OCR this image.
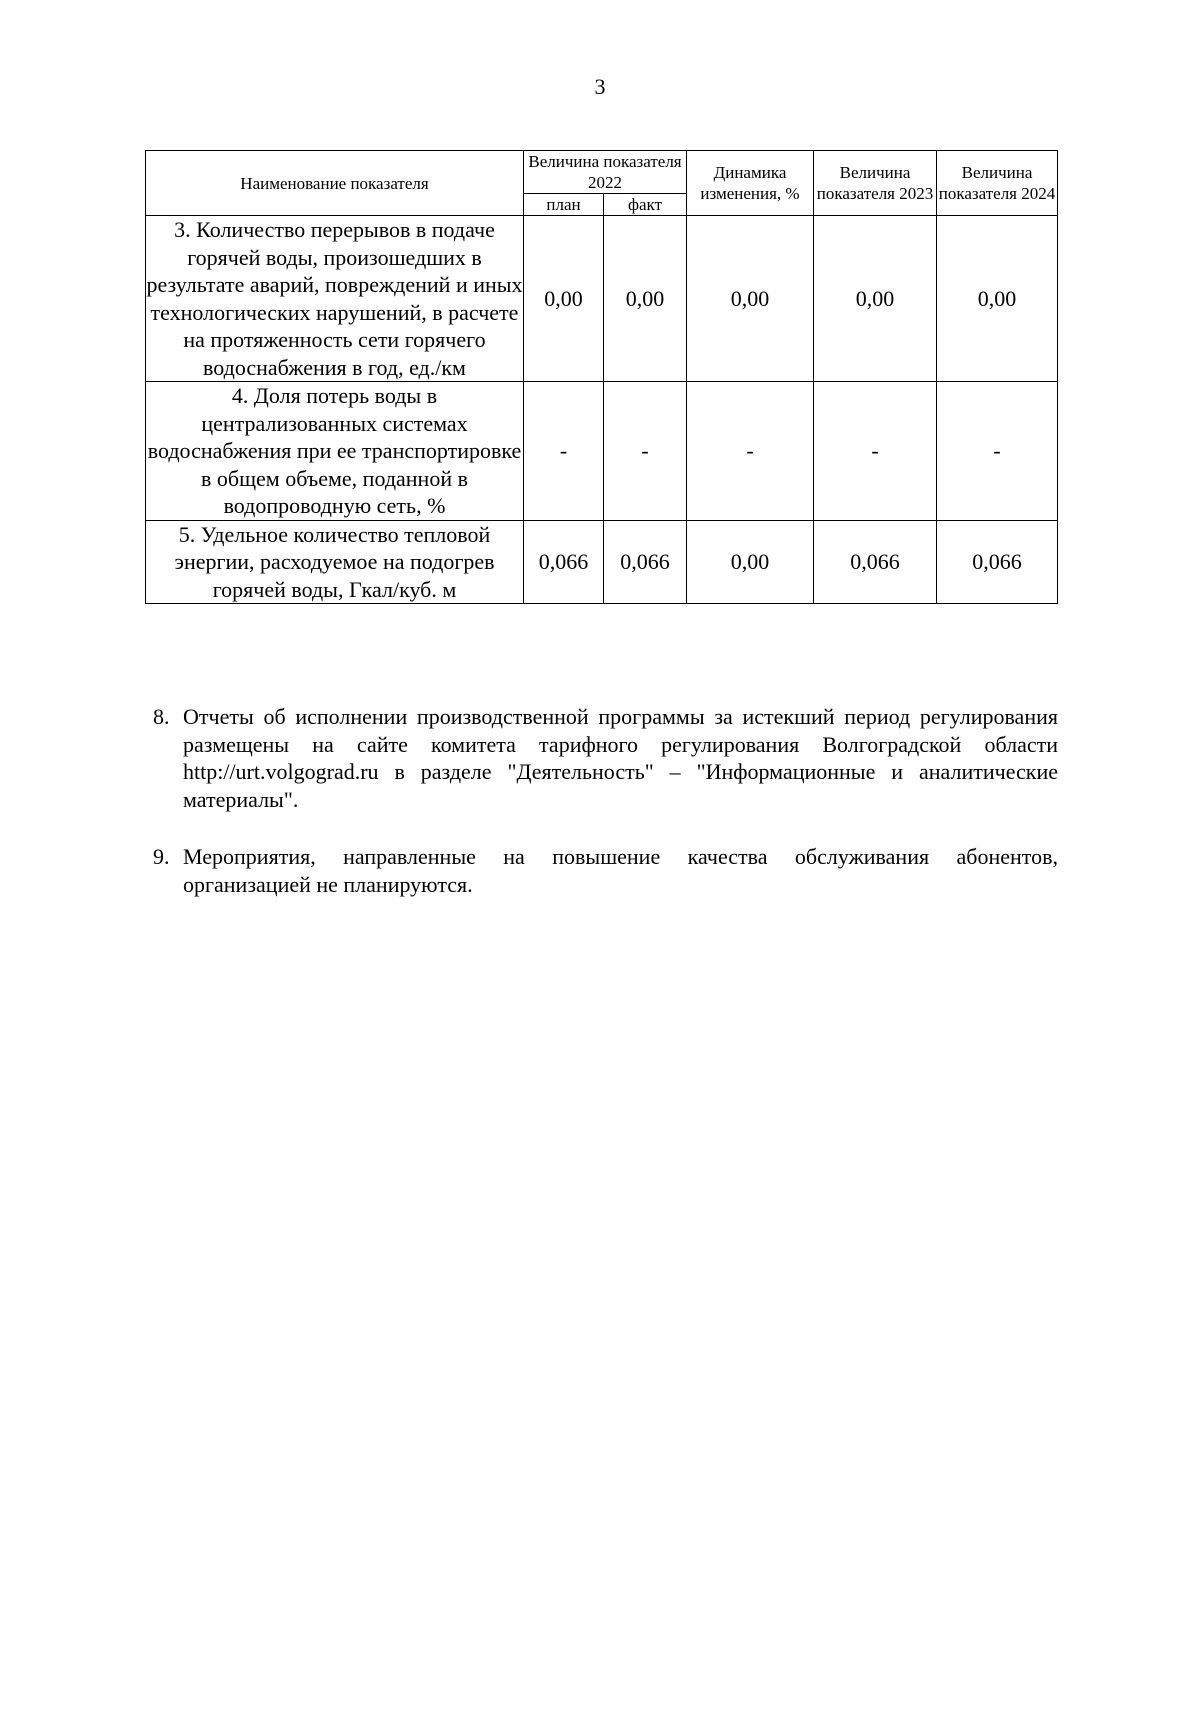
3
Наименование показателя	Величина показателя 2022		Динамика изменения, %	Величина показателя 2023	Величина показателя 2024
	план	факт			
3. Количество перерывов в подаче горячей воды, произошедших в результате аварий, повреждений и иных технологических нарушений, в расчете на протяженность сети горячего водоснабжения в год, ед./км	0,00	0,00	0,00	0,00	0,00
4. Доля потерь воды в централизованных системах водоснабжения при ее транспортировке в общем объеме, поданной в водопроводную сеть, %	-	-	-	-	-
5. Удельное количество тепловой энергии, расходуемое на подогрев горячей воды, Гкал/куб. м	0,066	0,066	0,00	0,066	0,066
8. Отчеты об исполнении производственной программы за истекший период регулирования размещены на сайте комитета тарифного регулирования Волгоградской области http://urt.volgograd.ru в разделе "Деятельность" – "Информационные и аналитические материалы".
9. Мероприятия, направленные на повышение качества обслуживания абонентов, организацией не планируются.
